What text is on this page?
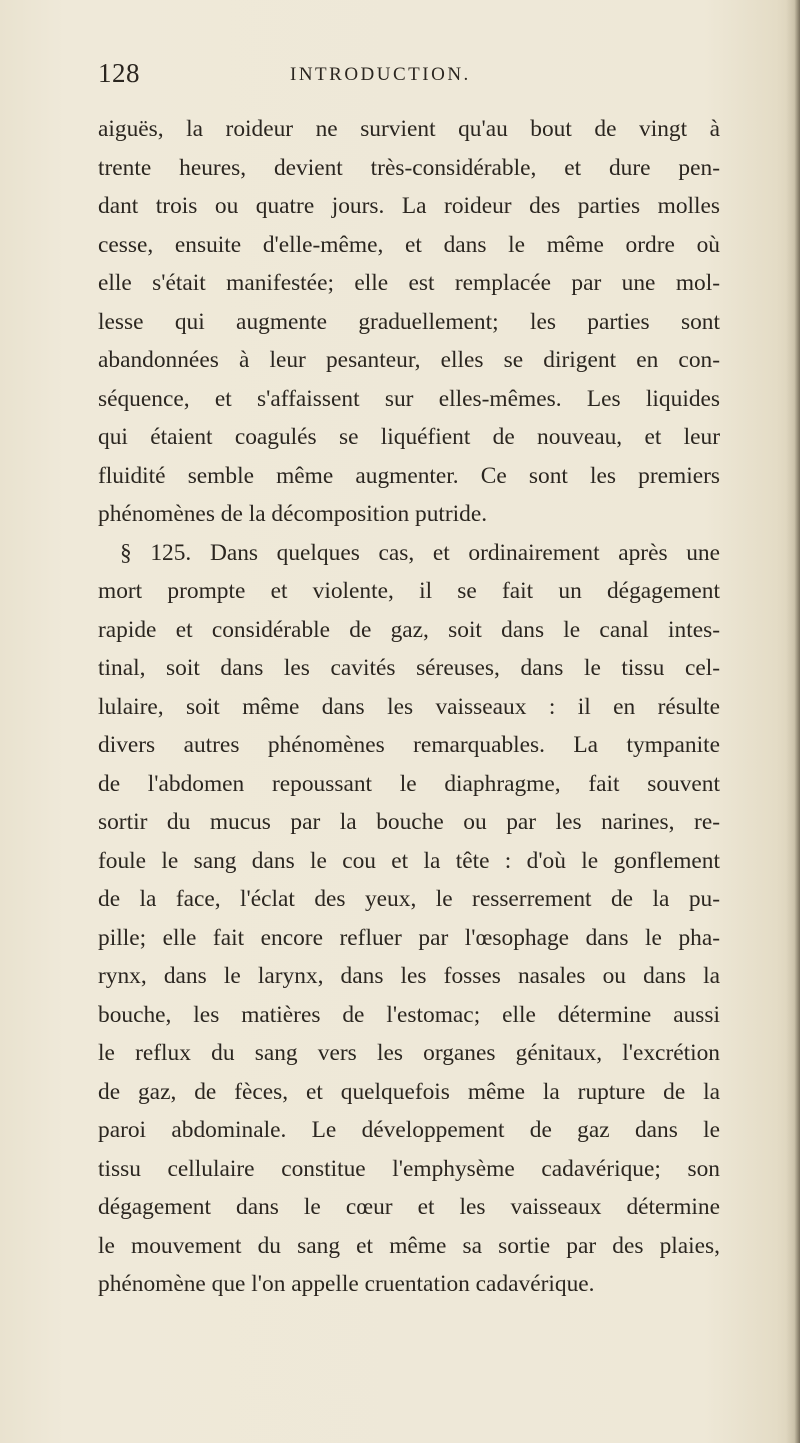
128	INTRODUCTION.
aiguës, la roideur ne survient qu'au bout de vingt à
trente heures, devient très-considérable, et dure pen-
dant trois ou quatre jours. La roideur des parties molles
cesse, ensuite d'elle-même, et dans le même ordre où
elle s'était manifestée; elle est remplacée par une mol-
lesse qui augmente graduellement; les parties sont
abandonnées à leur pesanteur, elles se dirigent en con-
séquence, et s'affaissent sur elles-mêmes. Les liquides
qui étaient coagulés se liquéfient de nouveau, et leur
fluidité semble même augmenter. Ce sont les premiers
phénomènes de la décomposition putride.
§ 125. Dans quelques cas, et ordinairement après une
mort prompte et violente, il se fait un dégagement
rapide et considérable de gaz, soit dans le canal intes-
tinal, soit dans les cavités séreuses, dans le tissu cel-
lulaire, soit même dans les vaisseaux : il en résulte
divers autres phénomènes remarquables. La tympanite
de l'abdomen repoussant le diaphragme, fait souvent
sortir du mucus par la bouche ou par les narines, re-
foule le sang dans le cou et la tête : d'où le gonflement
de la face, l'éclat des yeux, le resserrement de la pu-
pille; elle fait encore refluer par l'œsophage dans le pha-
rynx, dans le larynx, dans les fosses nasales ou dans la
bouche, les matières de l'estomac; elle détermine aussi
le reflux du sang vers les organes génitaux, l'excrétion
de gaz, de fèces, et quelquefois même la rupture de la
paroi abdominale. Le développement de gaz dans le
tissu cellulaire constitue l'emphysème cadavérique; son
dégagement dans le cœur et les vaisseaux détermine
le mouvement du sang et même sa sortie par des plaies,
phénomène que l'on appelle cruentation cadavérique.
